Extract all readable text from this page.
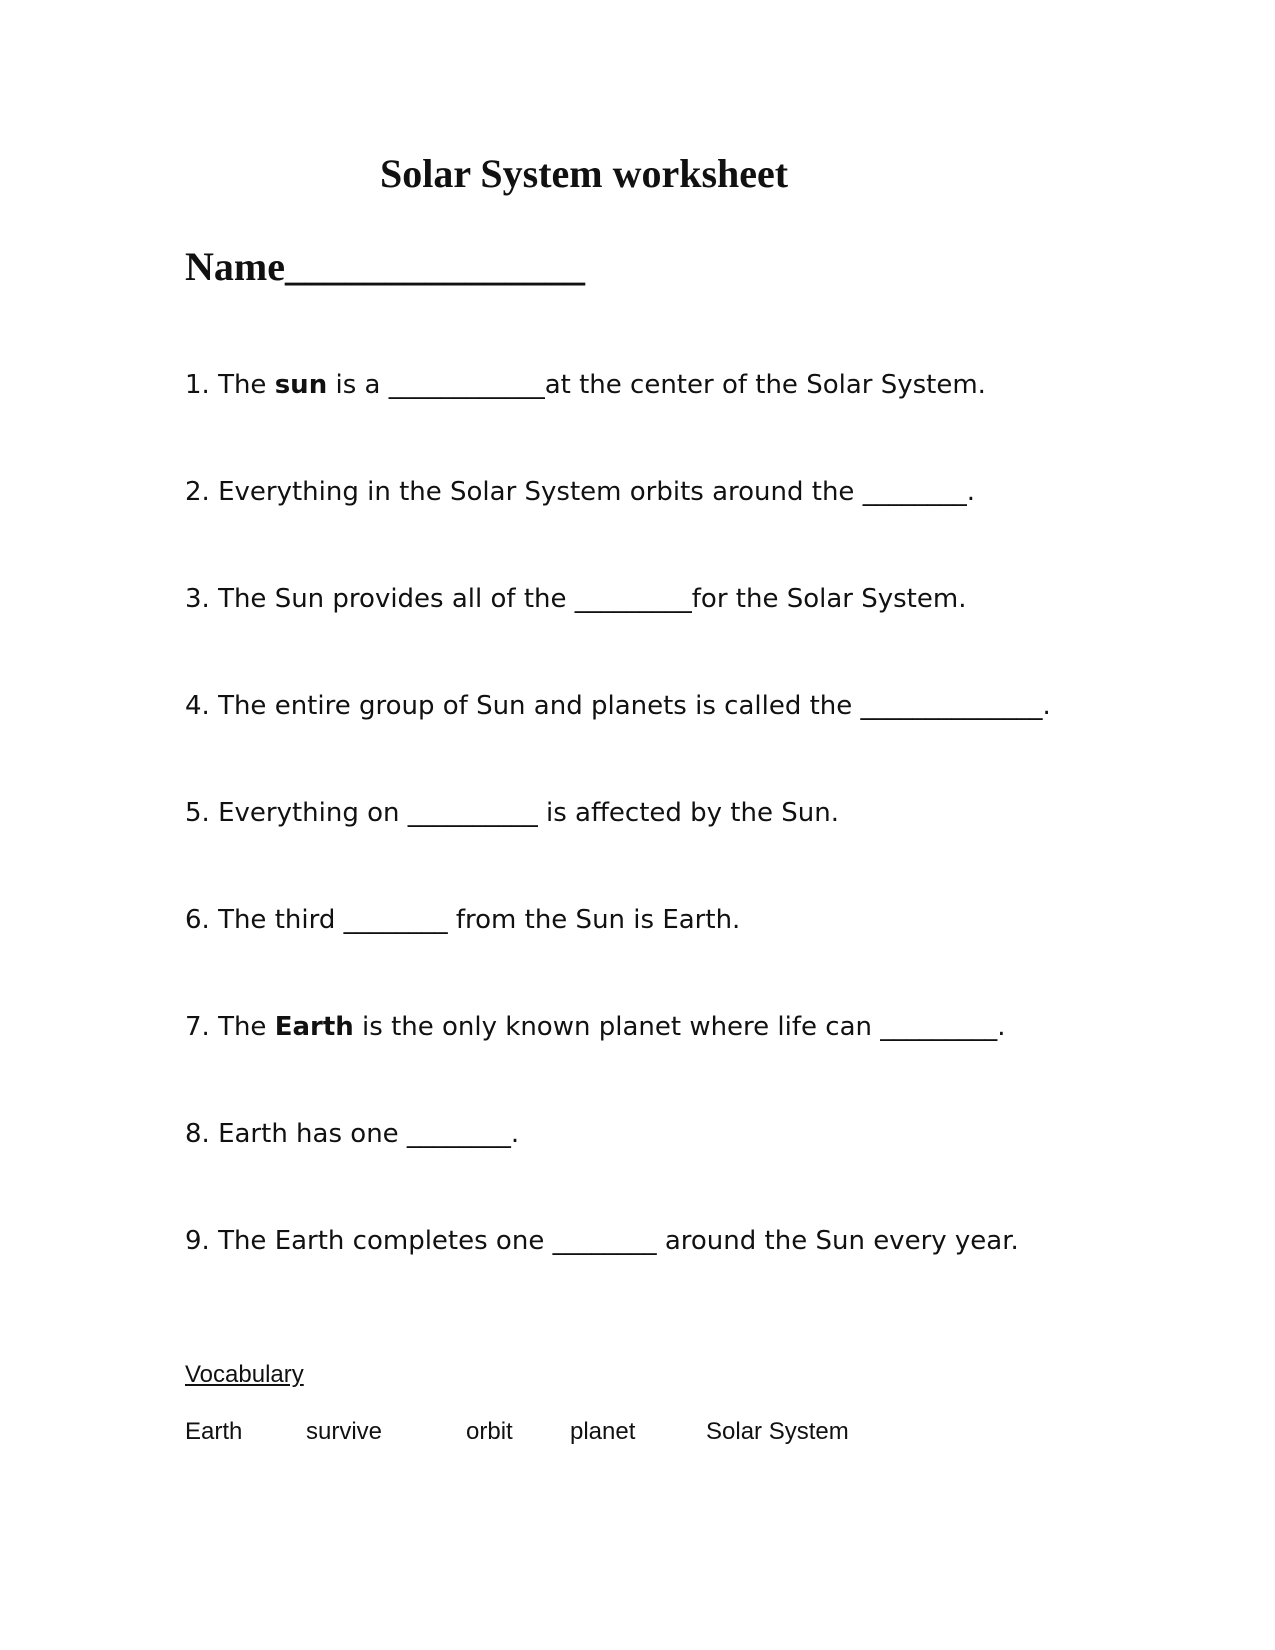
Solar System worksheet
Name_______________
1. The sun is a ____________at the center of the Solar System.
2. Everything in the Solar System orbits around the ________.
3. The Sun provides all of the _________for the Solar System.
4. The entire group of Sun and planets is called the ______________.
5. Everything on __________ is affected by the Sun.
6. The third ________ from the Sun is Earth.
7. The Earth is the only known planet where life can _________.
8. Earth has one ________.
9. The Earth completes one ________ around the Sun every year.
Vocabulary
Earth	survive	orbit planet	Solar System
